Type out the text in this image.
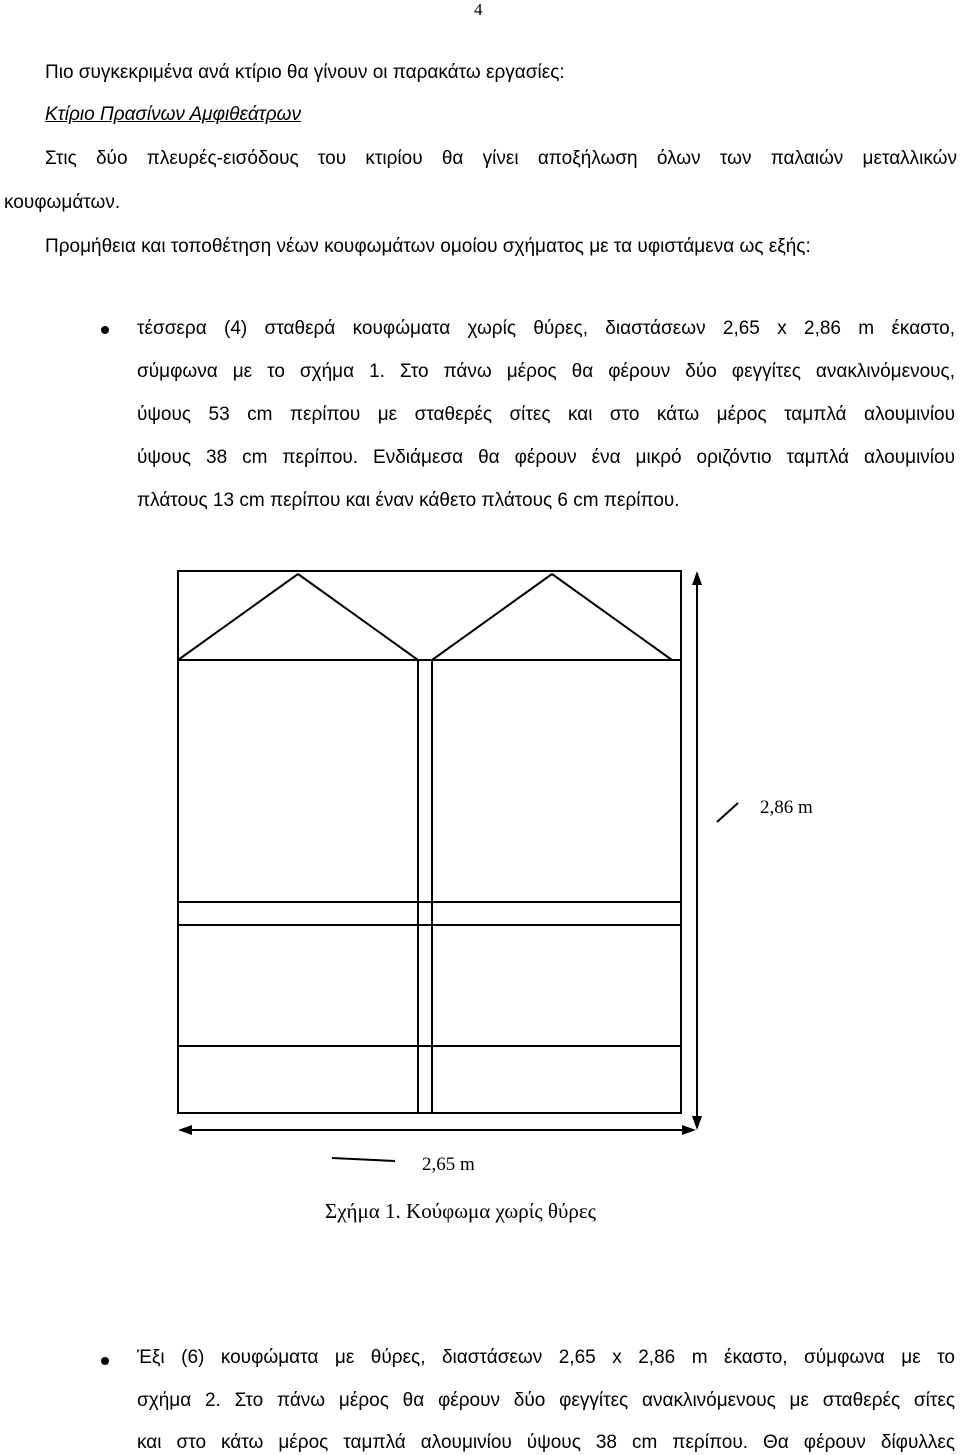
4
Πιο συγκεκριμένα ανά κτίριο θα γίνουν οι παρακάτω εργασίες:
Κτίριο Πρασίνων Αμφιθεάτρων
Στις δύο πλευρές-εισόδους του κτιρίου θα γίνει αποξήλωση όλων των παλαιών μεταλλικών
κουφωμάτων.
Προμήθεια και τοποθέτηση νέων κουφωμάτων ομοίου σχήματος με τα υφιστάμενα ως εξής:
τέσσερα (4) σταθερά κουφώματα χωρίς θύρες, διαστάσεων 2,65 x 2,86 m έκαστο,
σύμφωνα με το σχήμα 1. Στο πάνω μέρος θα φέρουν δύο φεγγίτες ανακλινόμενους,
ύψους 53 cm περίπου με σταθερές σίτες και στο κάτω μέρος ταμπλά αλουμινίου
ύψους 38 cm περίπου. Ενδιάμεσα θα φέρουν ένα μικρό οριζόντιο ταμπλά αλουμινίου
πλάτους 13 cm περίπου και έναν κάθετο πλάτους 6 cm περίπου.
2,86 m
2,65 m
Σχήμα 1. Κούφωμα χωρίς θύρες
Έξι (6) κουφώματα με θύρες, διαστάσεων 2,65 x 2,86 m έκαστο, σύμφωνα με το
σχήμα 2. Στο πάνω μέρος θα φέρουν δύο φεγγίτες ανακλινόμενους με σταθερές σίτες
και στο κάτω μέρος ταμπλά αλουμινίου ύψους 38 cm περίπου. Θα φέρουν δίφυλλες
